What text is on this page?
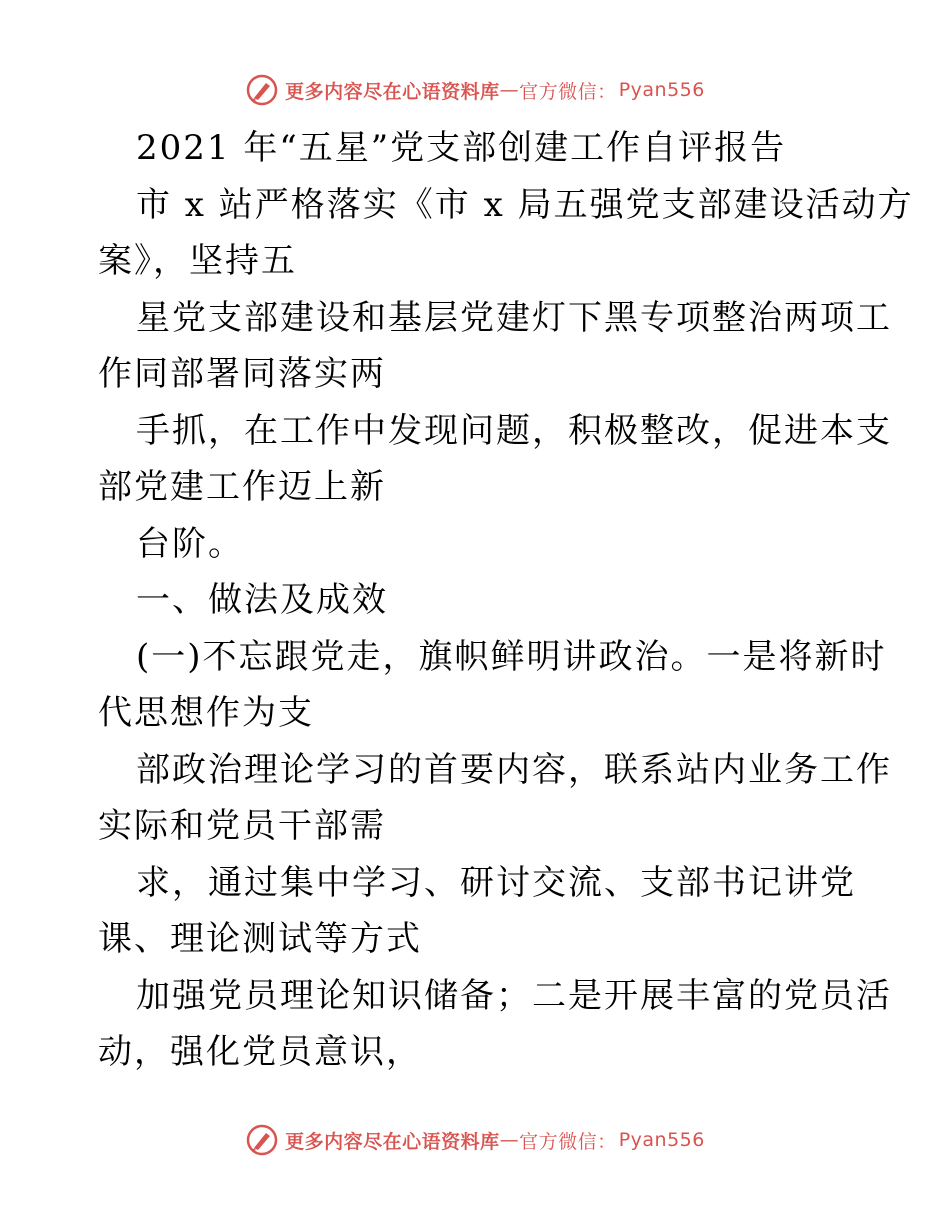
更多内容尽在心语资料库 — 官方微信： Pyan556
2021 年“五星”党支部创建工作自评报告
市 x 站严格落实《市 x 局五强党支部建设活动方
案》，坚持五
星党支部建设和基层党建灯下黑专项整治两项工
作同部署同落实两
手抓，在工作中发现问题，积极整改，促进本支
部党建工作迈上新
台阶。
一、做法及成效
(一)不忘跟党走，旗帜鲜明讲政治。一是将新时
代思想作为支
部政治理论学习的首要内容，联系站内业务工作
实际和党员干部需
求，通过集中学习、研讨交流、支部书记讲党
课、理论测试等方式
加强党员理论知识储备；二是开展丰富的党员活
动，强化党员意识，
更多内容尽在心语资料库 — 官方微信： Pyan556
